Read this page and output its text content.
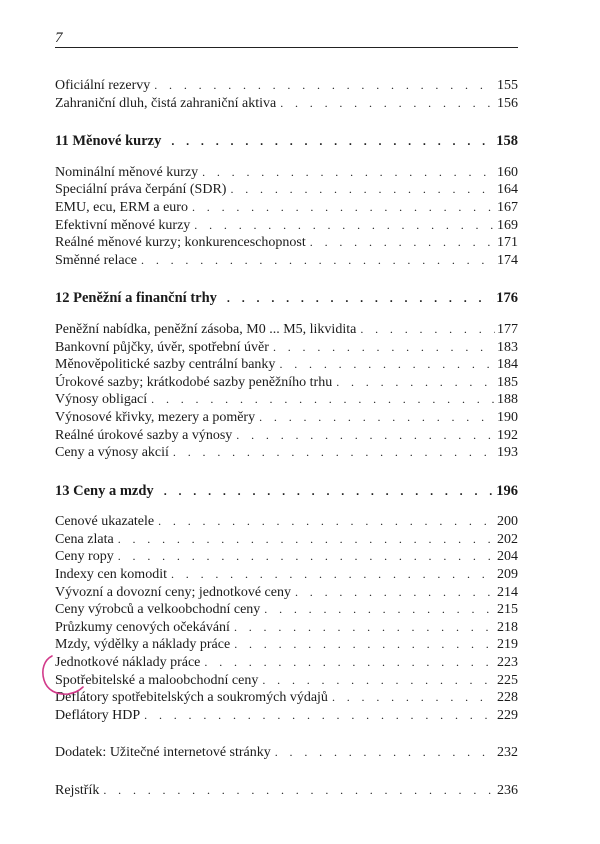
7
Oficiální rezervy . . .	155
Zahraniční dluh, čistá zahraniční aktiva . . .	156
11 Měnové kurzy . . .	158
Nominální měnové kurzy . . .	160
Speciální práva čerpání (SDR) . . .	164
EMU, ecu, ERM a euro . . .	167
Efektivní měnové kurzy . . .	169
Reálné měnové kurzy; konkurenceschopnost . . .	171
Směnné relace . . .	174
12 Peněžní a finanční trhy . . .	176
Peněžní nabídka, peněžní zásoba, M0 ... M5, likvidita . . .	177
Bankovní půjčky, úvěr, spotřební úvěr . . .	183
Měnověpolitické sazby centrální banky . . .	184
Úrokové sazby; krátkodobé sazby peněžního trhu . . .	185
Výnosy obligací . . .	188
Výnosové křivky, mezery a poměry . . .	190
Reálné úrokové sazby a výnosy . . .	192
Ceny a výnosy akcií . . .	193
13 Ceny a mzdy . . .	196
Cenové ukazatele . . .	200
Cena zlata . . .	202
Ceny ropy . . .	204
Indexy cen komodit . . .	209
Vývozní a dovozní ceny; jednotkové ceny . . .	214
Ceny výrobců a velkoobchodní ceny . . .	215
Průzkumy cenových očekávání . . .	218
Mzdy, výdělky a náklady práce . . .	219
Jednotkové náklady práce . . .	223
Spotřebitelské a maloobchodní ceny . . .	225
Deflátory spotřebitelských a soukromých výdajů . . .	228
Deflátory HDP . . .	229
Dodatek: Užitečné internetové stránky . . .	232
Rejstřík . . .	236
